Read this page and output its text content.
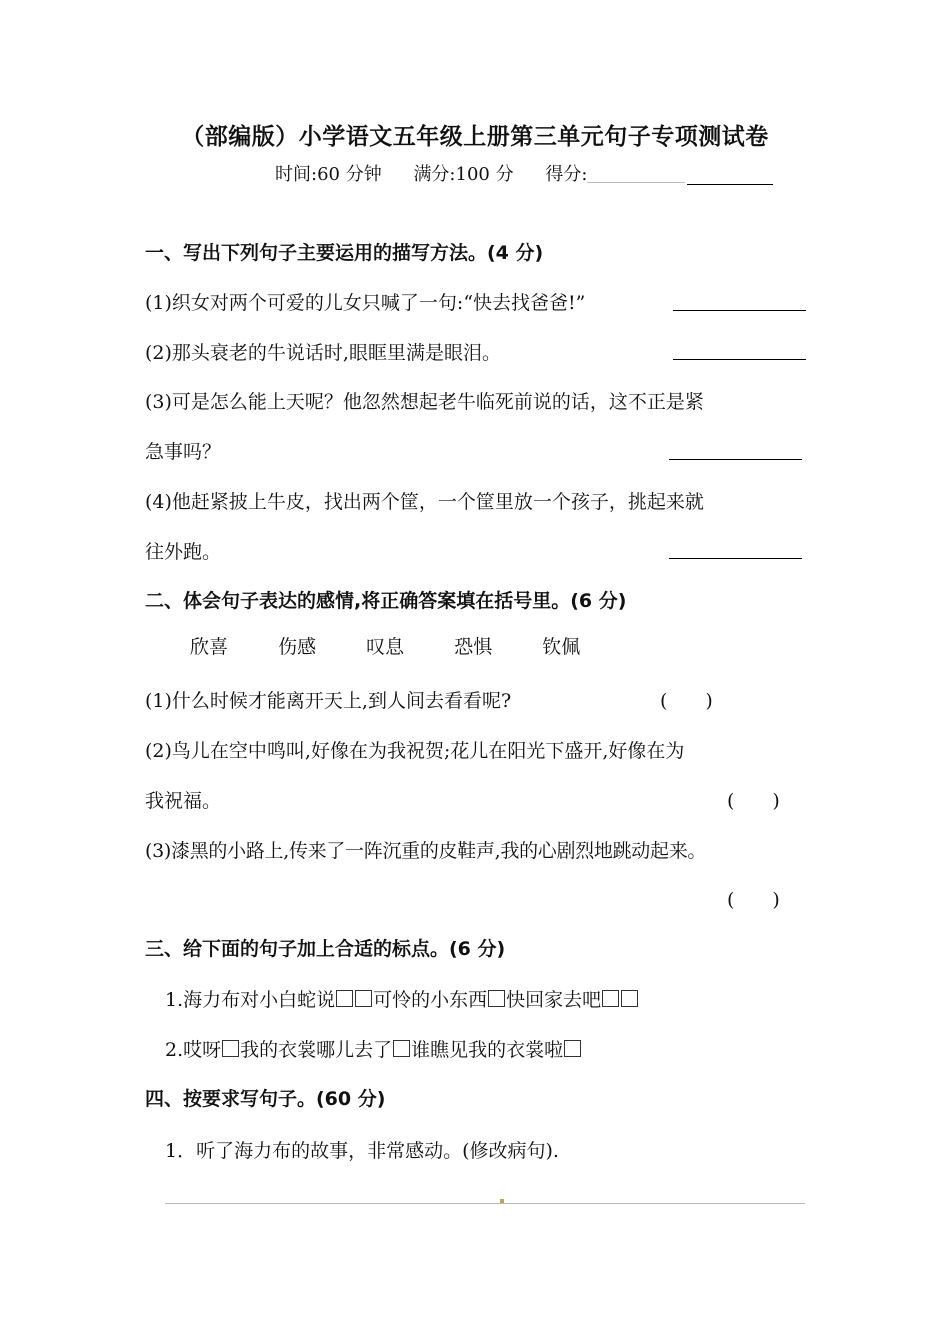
（部编版）小学语文五年级上册第三单元句子专项测试卷
时间:60 分钟 满分:100 分 得分:
一、写出下列句子主要运用的描写方法。(4 分)
(1)织女对两个可爱的儿女只喊了一句:“快去找爸爸!”
(2)那头衰老的牛说话时,眼眶里满是眼泪。
(3)可是怎么能上天呢？他忽然想起老牛临死前说的话，这不正是紧
急事吗？
(4)他赶紧披上牛皮，找出两个筐，一个筐里放一个孩子，挑起来就
往外跑。
二、体会句子表达的感情,将正确答案填在括号里。(6 分)
欣喜	伤感	叹息	恐惧	钦佩
(1)什么时候才能离开天上,到人间去看看呢?	(　　)
(2)鸟儿在空中鸣叫,好像在为我祝贺;花儿在阳光下盛开,好像在为
我祝福。	(　　)
(3)漆黑的小路上,传来了一阵沉重的皮鞋声,我的心剧烈地跳动起来。
(　　)
三、给下面的句子加上合适的标点。(6 分)
1.海力布对小白蛇说 可怜的小东西 快回家去吧
2.哎呀 我的衣裳哪儿去了 谁瞧见我的衣裳啦
四、按要求写句子。(60 分)
1．听了海力布的故事，非常感动。(修改病句).
